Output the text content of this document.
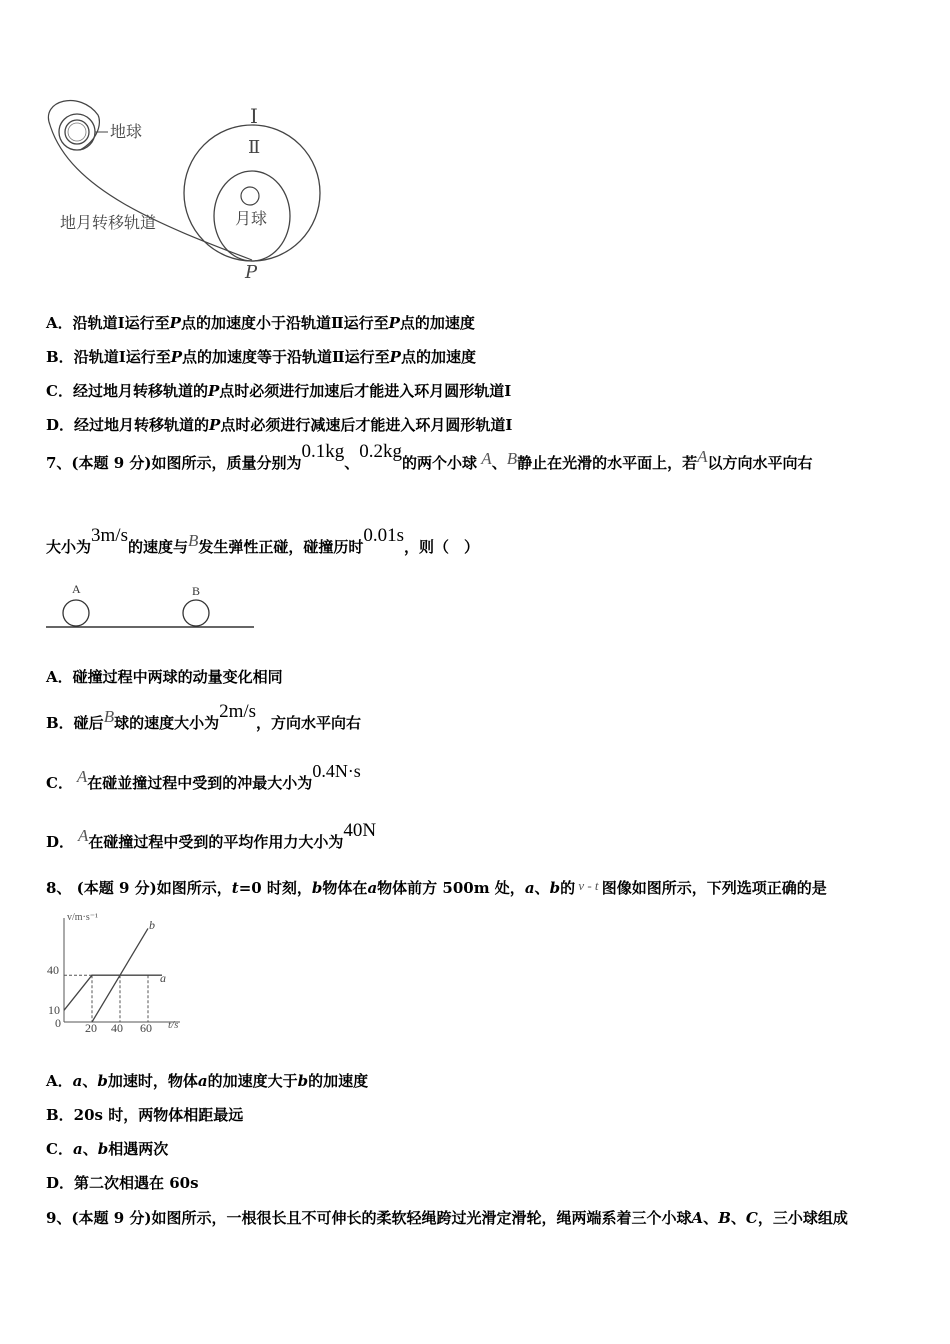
地球
Ⅰ
Ⅱ
月球
地月转移轨道
P
A．沿轨道Ⅰ运行至P点的加速度小于沿轨道Ⅱ运行至P点的加速度
B．沿轨道Ⅰ运行至P点的加速度等于沿轨道Ⅱ运行至P点的加速度
C．经过地月转移轨道的P点时必须进行加速后才能进入环月圆形轨道Ⅰ
D．经过地月转移轨道的P点时必须进行减速后才能进入环月圆形轨道Ⅰ
7、(本题 9 分)如图所示，质量分别为0.1kg、0.2kg的两个小球 A、B静止在光滑的水平面上，若A以方向水平向右
大小为3m/s的速度与B发生弹性正碰，碰撞历时0.01s，则（　）
A	B
A．碰撞过程中两球的动量变化相同
B．碰后B球的速度大小为2m/s，方向水平向右
C． A在碰並撞过程中受到的冲最大小为0.4N·s
D． A在碰撞过程中受到的平均作用力大小为40N
8、 (本题 9 分)如图所示，t=0 时刻，b物体在a物体前方 500m 处，a、b的 v - t 图像如图所示，下列选项正确的是
v/m·s⁻¹
t/s
40
10
0 20 40 60
a
b
A．a、b加速时，物体a的加速度大于b的加速度
B．20s 时，两物体相距最远
C．a、b相遇两次
D．第二次相遇在 60s
9、(本题 9 分)如图所示，一根很长且不可伸长的柔软轻绳跨过光滑定滑轮，绳两端系着三个小球A、B、C，三小球组成
